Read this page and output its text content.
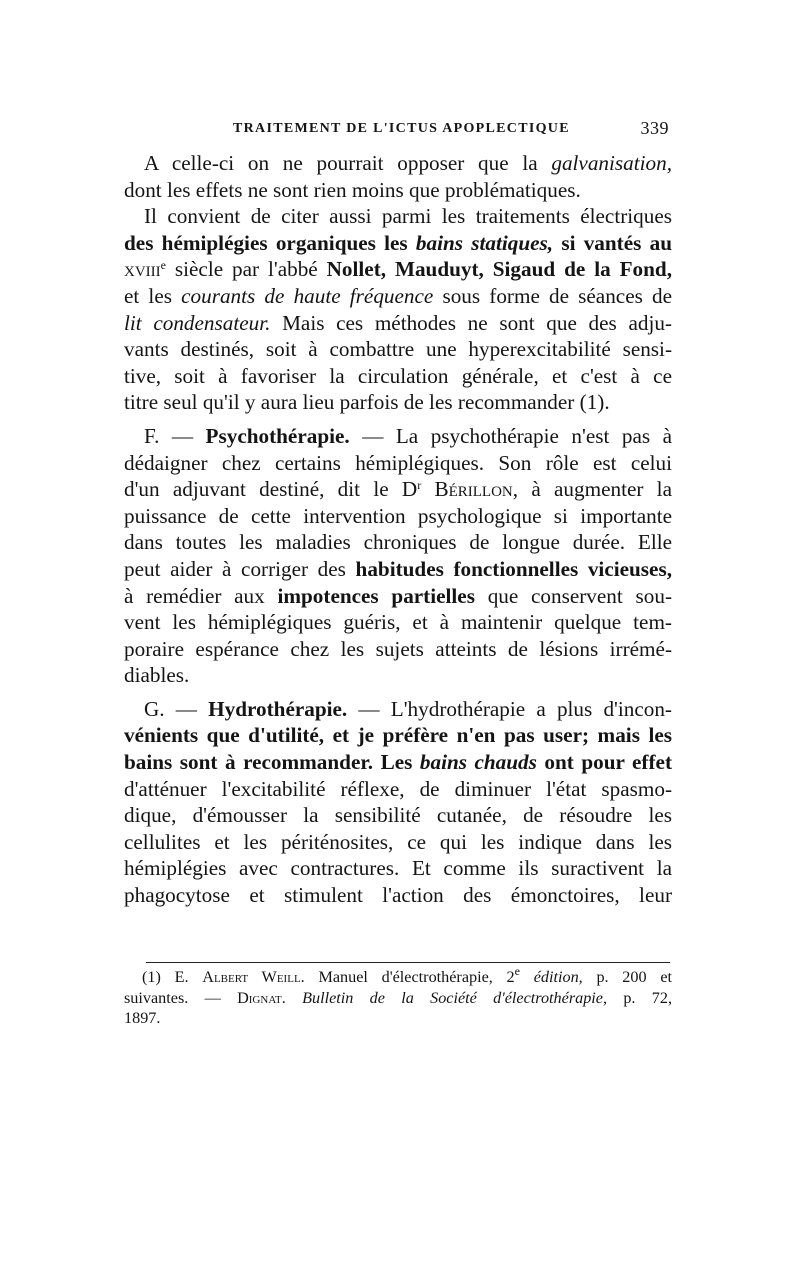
TRAITEMENT DE L'ICTUS APOPLECTIQUE	339
A celle-ci on ne pourrait opposer que la galvanisation,
dont les effets ne sont rien moins que problématiques.
Il convient de citer aussi parmi les traitements électriques
des hémiplégies organiques les bains statiques, si vantés au
xviii$^e$ siècle par l'abbé Nollet, Mauduyt, Sigaud de la Fond,
et les courants de haute fréquence sous forme de séances de
lit condensateur. Mais ces méthodes ne sont que des adju-
vants destinés, soit à combattre une hyperexcitabilité sensi-
tive, soit à favoriser la circulation générale, et c'est à ce
titre seul qu'il y aura lieu parfois de les recommander (1).
F. — Psychothérapie. — La psychothérapie n'est pas à
dédaigner chez certains hémiplégiques. Son rôle est celui
d'un adjuvant destiné, dit le $D^r$ Bérillon, à augmenter la
puissance de cette intervention psychologique si importante
dans toutes les maladies chroniques de longue durée. Elle
peut aider à corriger des habitudes fonctionnelles vicieuses,
à remédier aux impotences partielles que conservent sou-
vent les hémiplégiques guéris, et à maintenir quelque tem-
poraire espérance chez les sujets atteints de lésions irrémé-
diables.
G. — Hydrothérapie. — L'hydrothérapie a plus d'incon-
vénients que d'utilité, et je préfère n'en pas user; mais les
bains sont à recommander. Les bains chauds ont pour effet
d'atténuer l'excitabilité réflexe, de diminuer l'état spasmo-
dique, d'émousser la sensibilité cutanée, de résoudre les
cellulites et les périténosites, ce qui les indique dans les
hémiplégies avec contractures. Et comme ils suractivent la
phagocytose et stimulent l'action des émonctoires, leur
(1) E. Albert Weill. Manuel d'électrothérapie, 2e édition, p. 200 et
suivantes. — Dignat. Bulletin de la Société d'électrothérapie, p. 72,
1897.
